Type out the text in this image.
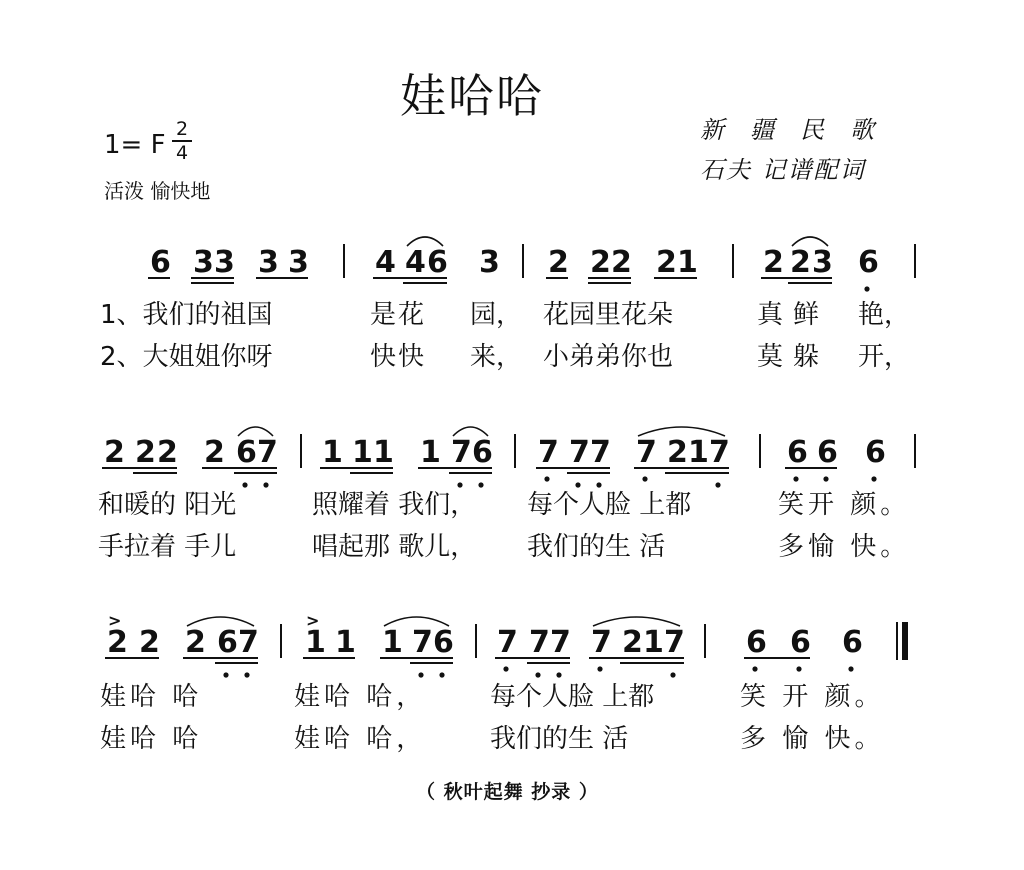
娃哈哈
1= F
2
4
活泼 愉快地
新疆民歌
石夫 记谱配词
6 3 3 3 3 4 4 6 3 2 2 2 2 1 2 2 3 6
2 2 2 2 6 7 1 1 1 1 7 6 7 7 7 7 2 1 7 6 6 6
2
>
2 2 6 7 1
>
1 1 7 6 7 7 7 7 2 1 7 6 6 6
1、我们的祖国	是花 园， 花园里花朵	真鲜 艳，
2、大姐姐你呀	快快 来， 小弟弟你也	莫躲 开，
和暖的 阳光	照耀着 我们， 每个人脸 上都	笑开 颜。
手拉着 手儿	唱起那 歌儿， 我们的生 活	多愉 快。
娃哈 哈	娃哈 哈， 每个人脸 上都	笑 开 颜。
娃哈 哈	娃哈 哈， 我们的生 活	多 愉 快。
（ 秋叶起舞 抄录 ）
